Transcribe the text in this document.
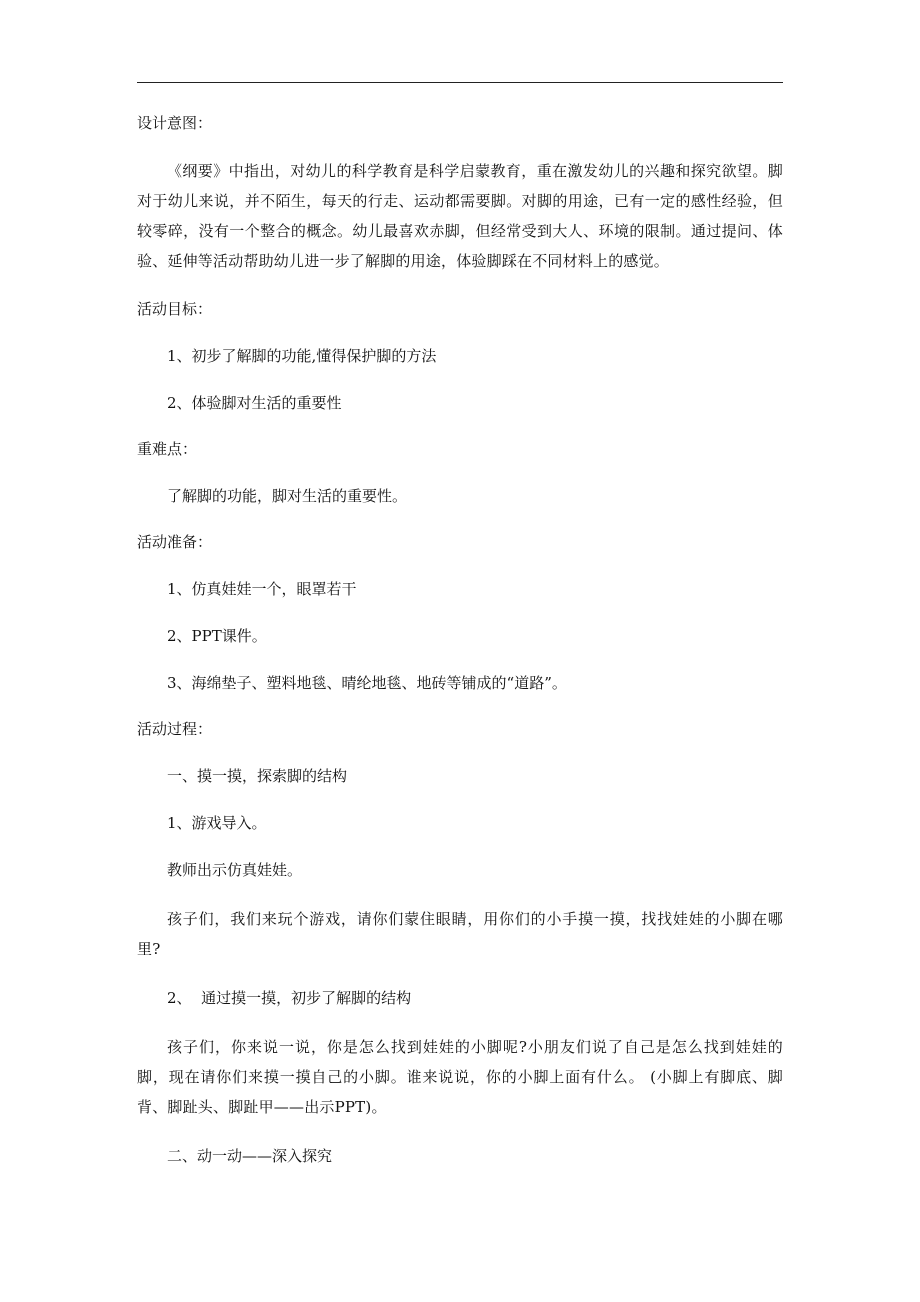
设计意图：

《纲要》中指出，对幼儿的科学教育是科学启蒙教育，重在激发幼儿的兴趣和探究欲望。脚对于幼儿来说，并不陌生，每天的行走、运动都需要脚。对脚的用途，已有一定的感性经验，但较零碎，没有一个整合的概念。幼儿最喜欢赤脚，但经常受到大人、环境的限制。通过提问、体验、延伸等活动帮助幼儿进一步了解脚的用途，体验脚踩在不同材料上的感觉。

活动目标：

1、初步了解脚的功能,懂得保护脚的方法

2、体验脚对生活的重要性

重难点：

了解脚的功能，脚对生活的重要性。

活动准备：

1、仿真娃娃一个，眼罩若干

2、PPT课件。

3、海绵垫子、塑料地毯、晴纶地毯、地砖等铺成的“道路”。

活动过程：

一、摸一摸，探索脚的结构

1、游戏导入。

教师出示仿真娃娃。

孩子们，我们来玩个游戏，请你们蒙住眼睛，用你们的小手摸一摸，找找娃娃的小脚在哪里?

2、  通过摸一摸，初步了解脚的结构

孩子们，你来说一说，你是怎么找到娃娃的小脚呢?小朋友们说了自己是怎么找到娃娃的脚，现在请你们来摸一摸自己的小脚。谁来说说，你的小脚上面有什么。 (小脚上有脚底、脚背、脚趾头、脚趾甲——出示PPT)。

二、动一动——深入探究
